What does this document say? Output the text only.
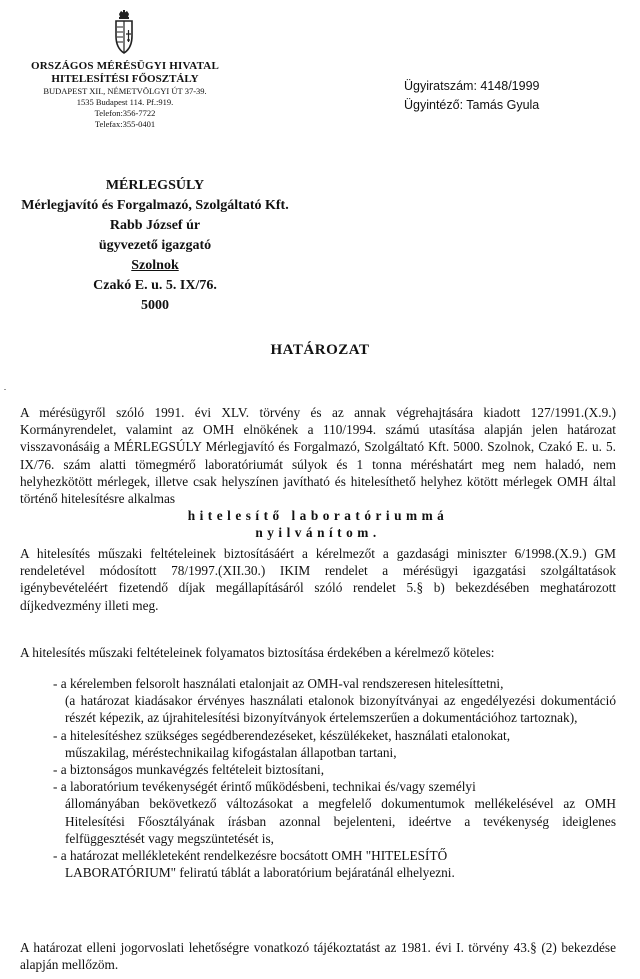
ORSZÁGOS MÉRÉSÜGYI HIVATAL
HITELESÍTÉSI FŐOSZTÁLY
BUDAPEST XII., NÉMETVÖLGYI ÚT 37-39.
1535 Budapest 114. Pf.:919.
Telefon:356-7722
Telefax:355-0401
Ügyiratszám: 4148/1999
Ügyintéző: Tamás Gyula
MÉRLEGSÚLY
Mérlegjavító és Forgalmazó, Szolgáltató Kft.
Rabb József úr
ügyvezető igazgató
Szolnok
Czakó E. u. 5. IX/76.
5000
HATÁROZAT
A mérésügyről szóló 1991. évi XLV. törvény és az annak végrehajtására kiadott 127/1991.(X.9.) Kormányrendelet, valamint az OMH elnökének a 110/1994. számú utasítása alapján jelen határozat visszavonásáig a MÉRLEGSÚLY Mérlegjavító és Forgalmazó, Szolgáltató Kft. 5000. Szolnok, Czakó E. u. 5. IX/76. szám alatti tömegmérő laboratóriumát súlyok és 1 tonna méréshatárt meg nem haladó, nem helyhezkötött mérlegek, illetve csak helyszínen javítható és hitelesíthető helyhez kötött mérlegek OMH által történő hitelesítésre alkalmas
hitelesítő laboratóriummá
nyilvánítom.
A hitelesítés műszaki feltételeinek biztosításáért a kérelmezőt a gazdasági miniszter 6/1998.(X.9.) GM rendeletével módosított 78/1997.(XII.30.) IKIM rendelet a mérésügyi igazgatási szolgáltatások igénybevételéért fizetendő díjak megállapításáról szóló rendelet 5.§ b) bekezdésében meghatározott díjkedvezmény illeti meg.
A hitelesítés műszaki feltételeinek folyamatos biztosítása érdekében a kérelmező köteles:
- a kérelemben felsorolt használati etalonjait az OMH-val rendszeresen hitelesíttetni,
(a határozat kiadásakor érvényes használati etalonok bizonyítványai az engedélyezési dokumentáció részét képezik, az újrahitelesítési bizonyítványok értelemszerűen a dokumentációhoz tartoznak),
- a hitelesítéshez szükséges segédberendezéseket, készülékeket, használati etalonokat,
műszakilag, méréstechnikailag kifogástalan állapotban tartani,
- a biztonságos munkavégzés feltételeit biztosítani,
- a laboratórium tevékenységét érintő működésbeni, technikai és/vagy személyi
állományában bekövetkező változásokat a megfelelő dokumentumok mellékelésével az OMH Hitelesítési Főosztályának írásban azonnal bejelenteni, ideértve a tevékenység ideiglenes felfüggesztését vagy megszüntetését is,
- a határozat mellékleteként rendelkezésre bocsátott OMH "HITELESÍTŐ
LABORATÓRIUM" feliratú táblát a laboratórium bejáratánál elhelyezni.
A határozat elleni jogorvoslati lehetőségre vonatkozó tájékoztatást az 1981. évi I. törvény 43.§ (2) bekezdése alapján mellőzöm.
